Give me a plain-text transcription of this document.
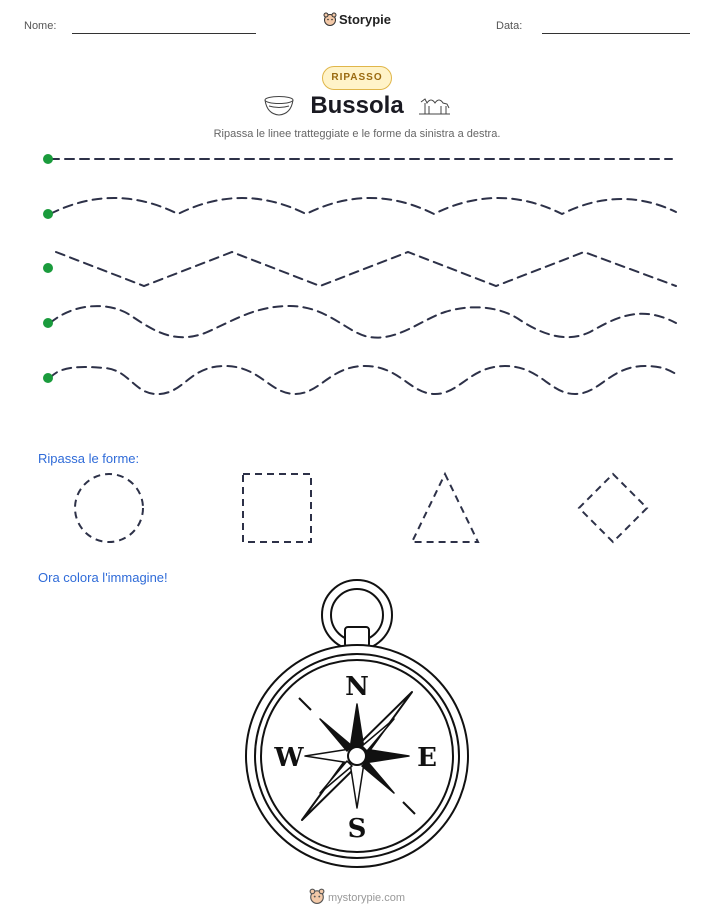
Nome:	Storypie	Data:
RIPASSO
Bussola
Ripassa le linee tratteggiate e le forme da sinistra a destra.
Ripassa le forme:
Ora colora l'immagine!
N
S
W	E
mystorypie.com
